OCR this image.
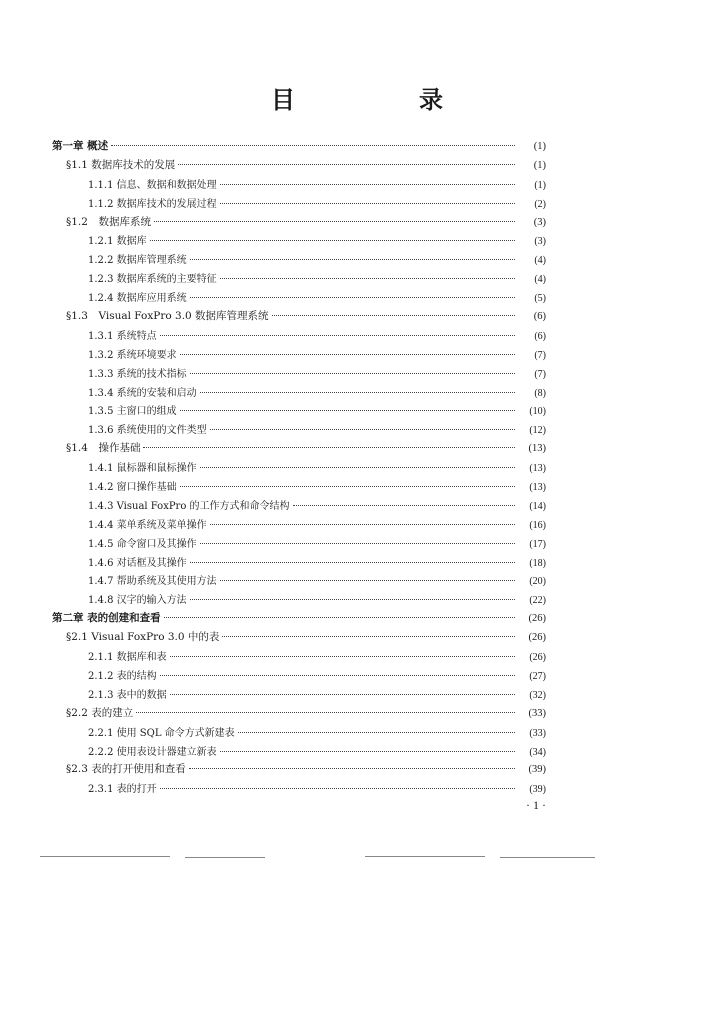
目　录
第一章 概述	(1)
§1.1 数据库技术的发展	(1)
1.1.1 信息、数据和数据处理	(1)
1.1.2 数据库技术的发展过程	(2)
§1.2　数据库系统	(3)
1.2.1 数据库	(3)
1.2.2 数据库管理系统	(4)
1.2.3 数据库系统的主要特征	(4)
1.2.4 数据库应用系统	(5)
§1.3　Visual FoxPro 3.0 数据库管理系统	(6)
1.3.1 系统特点	(6)
1.3.2 系统环境要求	(7)
1.3.3 系统的技术指标	(7)
1.3.4 系统的安装和启动	(8)
1.3.5 主窗口的组成	(10)
1.3.6 系统使用的文件类型	(12)
§1.4　操作基础	(13)
1.4.1 鼠标器和鼠标操作	(13)
1.4.2 窗口操作基础	(13)
1.4.3 Visual FoxPro 的工作方式和命令结构	(14)
1.4.4 菜单系统及菜单操作	(16)
1.4.5 命令窗口及其操作	(17)
1.4.6 对话框及其操作	(18)
1.4.7 帮助系统及其使用方法	(20)
1.4.8 汉字的输入方法	(22)
第二章 表的创建和查看	(26)
§2.1 Visual FoxPro 3.0 中的表	(26)
2.1.1 数据库和表	(26)
2.1.2 表的结构	(27)
2.1.3 表中的数据	(32)
§2.2 表的建立	(33)
2.2.1 使用 SQL 命令方式新建表	(33)
2.2.2 使用表设计器建立新表	(34)
§2.3 表的打开使用和查看	(39)
2.3.1 表的打开	(39)
· 1 ·
